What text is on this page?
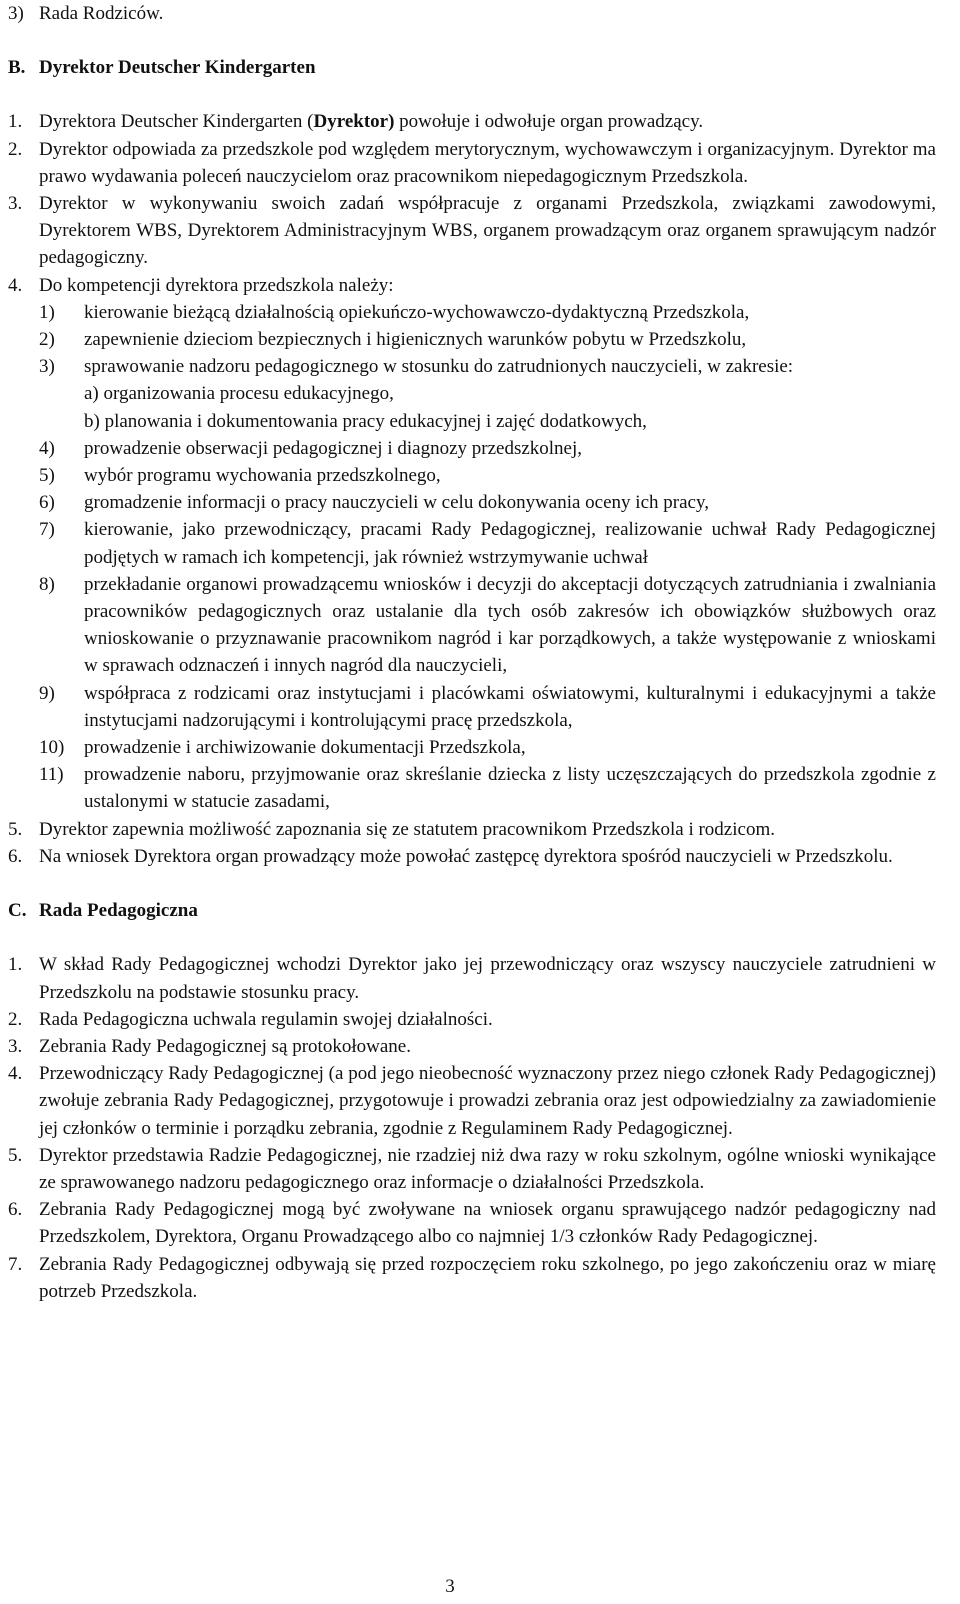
3) Rada Rodziców.
B. Dyrektor Deutscher Kindergarten
1. Dyrektora Deutscher Kindergarten (Dyrektor) powołuje i odwołuje organ prowadzący.
2. Dyrektor odpowiada za przedszkole pod względem merytorycznym, wychowawczym i organizacyjnym. Dyrektor ma prawo wydawania poleceń nauczycielom oraz pracownikom niepedagogicznym Przedszkola.
3. Dyrektor w wykonywaniu swoich zadań współpracuje z organami Przedszkola, związkami zawodowymi, Dyrektorem WBS, Dyrektorem Administracyjnym WBS, organem prowadzącym oraz organem sprawującym nadzór pedagogiczny.
4. Do kompetencji dyrektora przedszkola należy:
1)	kierowanie bieżącą działalnością opiekuńczo-wychowawczo-dydaktyczną Przedszkola,
2)	zapewnienie dzieciom bezpiecznych i higienicznych warunków pobytu w Przedszkolu,
3)	sprawowanie nadzoru pedagogicznego w stosunku do zatrudnionych nauczycieli, w zakresie:
a) organizowania procesu edukacyjnego,
b) planowania i dokumentowania pracy edukacyjnej i zajęć dodatkowych,
4)	prowadzenie obserwacji pedagogicznej i diagnozy przedszkolnej,
5)	wybór programu wychowania przedszkolnego,
6)	gromadzenie informacji o pracy nauczycieli w celu dokonywania oceny ich pracy,
7)	kierowanie, jako przewodniczący, pracami Rady Pedagogicznej, realizowanie uchwał Rady Pedagogicznej podjętych w ramach ich kompetencji, jak również wstrzymywanie uchwał
8)	przekładanie organowi prowadzącemu wniosków i decyzji do akceptacji dotyczących zatrudniania i zwalniania pracowników pedagogicznych oraz ustalanie dla tych osób zakresów ich obowiązków służbowych oraz wnioskowanie o przyznawanie pracownikom nagród i kar porządkowych, a także występowanie z wnioskami w sprawach odznaczeń i innych nagród dla nauczycieli,
9)	współpraca z rodzicami oraz instytucjami i placówkami oświatowymi, kulturalnymi i edukacyjnymi a także instytucjami nadzorującymi i kontrolującymi pracę przedszkola,
10)	prowadzenie i archiwizowanie dokumentacji Przedszkola,
11)	prowadzenie naboru, przyjmowanie oraz skreślanie dziecka z listy uczęszczających do przedszkola zgodnie z ustalonymi w statucie zasadami,
5. Dyrektor zapewnia możliwość zapoznania się ze statutem pracownikom Przedszkola i rodzicom.
6. Na wniosek Dyrektora organ prowadzący może powołać zastępcę dyrektora spośród nauczycieli w Przedszkolu.
C. Rada Pedagogiczna
1. W skład Rady Pedagogicznej wchodzi Dyrektor jako jej przewodniczący oraz wszyscy nauczyciele zatrudnieni w Przedszkolu na podstawie stosunku pracy.
2. Rada Pedagogiczna uchwala regulamin swojej działalności.
3. Zebrania Rady Pedagogicznej są protokołowane.
4. Przewodniczący Rady Pedagogicznej (a pod jego nieobecność wyznaczony przez niego członek Rady Pedagogicznej) zwołuje zebrania Rady Pedagogicznej, przygotowuje i prowadzi zebrania oraz jest odpowiedzialny za zawiadomienie jej członków o terminie i porządku zebrania, zgodnie z Regulaminem Rady Pedagogicznej.
5. Dyrektor przedstawia Radzie Pedagogicznej, nie rzadziej niż dwa razy w roku szkolnym, ogólne wnioski wynikające ze sprawowanego nadzoru pedagogicznego oraz informacje o działalności Przedszkola.
6. Zebrania Rady Pedagogicznej mogą być zwoływane na wniosek organu sprawującego nadzór pedagogiczny nad Przedszkolem, Dyrektora, Organu Prowadzącego albo co najmniej 1/3 członków Rady Pedagogicznej.
7. Zebrania Rady Pedagogicznej odbywają się przed rozpoczęciem roku szkolnego, po jego zakończeniu oraz w miarę potrzeb Przedszkola.
3
